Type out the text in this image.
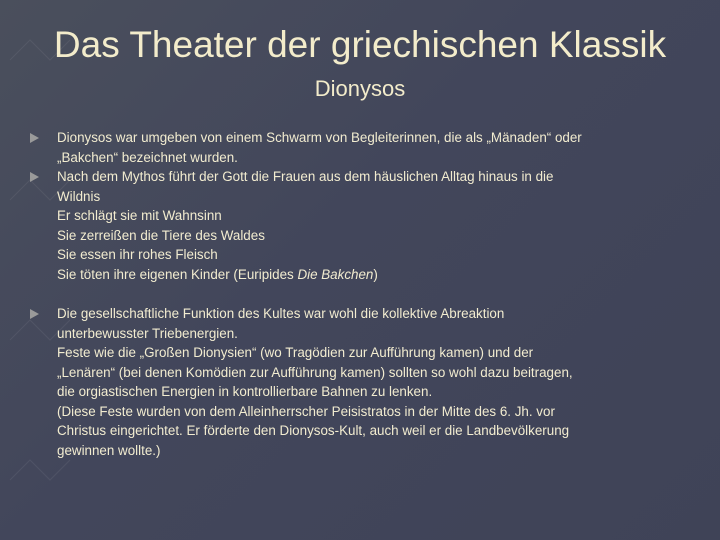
Das Theater der griechischen Klassik
Dionysos
Dionysos war umgeben von einem Schwarm von Begleiterinnen, die als „Mänaden“ oder
„Bakchen“ bezeichnet wurden.
Nach dem Mythos führt der Gott die Frauen aus dem häuslichen Alltag hinaus in die
Wildnis
Er schlägt sie mit Wahnsinn
Sie zerreißen die Tiere des Waldes
Sie essen ihr rohes Fleisch
Sie töten ihre eigenen Kinder (Euripides Die Bakchen)
Die gesellschaftliche Funktion des Kultes war wohl die kollektive Abreaktion
unterbewusster Triebenergien.
Feste wie die „Großen Dionysien“ (wo Tragödien zur Aufführung kamen) und der
„Lenären“ (bei denen Komödien zur Aufführung kamen) sollten so wohl dazu beitragen,
die orgiastischen Energien in kontrollierbare Bahnen zu lenken.
(Diese Feste wurden von dem Alleinherrscher Peisistratos in der Mitte des 6. Jh. vor
Christus eingerichtet. Er förderte den Dionysos-Kult, auch weil er die Landbevölkerung
gewinnen wollte.)
